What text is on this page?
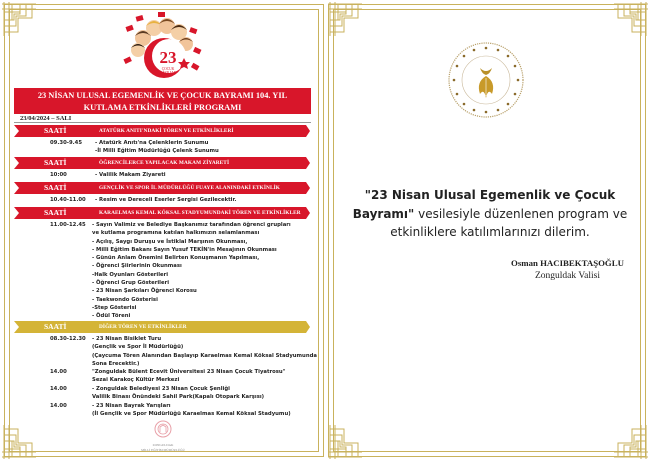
23
ÇOCUK
BAYRAMI
23 NİSAN ULUSAL EGEMENLİK VE ÇOCUK BAYRAMI 104. YIL
KUTLAMA ETKİNLİKLERİ PROGRAMI
23/04/2024 – SALI
SAATİ	ATATÜRK ANITI'NDAKİ TÖREN VE ETKİNLİKLERİ
09.30-9.45	- Atatürk Anıtı'na Çelenklerin Sunumu
-İl Milli Eğitim Müdürlüğü Çelenk Sunumu
SAATİ	ÖĞRENCİLERCE YAPILACAK MAKAM ZİYARETİ
10:00	- Valilik Makam Ziyareti
SAATİ	GENÇLİK VE SPOR İL MÜDÜRLÜĞÜ FUAYE ALANINDAKİ ETKİNLİK
10.40-11.00	- Resim ve Dereceli Eserler Sergisi Gezilecektir.
SAATİ	KARAELMAS KEMAL KÖKSAL STADYUMUNDAKİ TÖREN VE ETKİNLİKLER
11.00-12.45	- Sayın Valimiz ve Belediye Başkanımız tarafından öğrenci grupları
ve kutlama programına katılan halkımızın selamlanması
- Açılış, Saygı Duruşu ve İstiklal Marşının Okunması,
- Milli Eğitim Bakanı Sayın Yusuf TEKİN'in Mesajının Okunması
- Günün Anlam Önemini Belirten Konuşmanın Yapılması,
- Öğrenci Şiirlerinin Okunması
-Halk Oyunları Gösterileri
- Öğrenci Grup Gösterileri
- 23 Nisan Şarkıları Öğrenci Korosu
- Taekwondo Gösterisi
-Step Gösterisi
- Ödül Töreni
SAATİ	DİĞER TÖREN VE ETKİNLİKLER
08.30-12.30	- 23 Nisan Bisiklet Turu
(Gençlik ve Spor İl Müdürlüğü)
(Çaycuma Tören Alanından Başlayıp Karaelmas Kemal Köksal Stadyumunda
Sona Erecektir.)
14.00	"Zonguldak Bülent Ecevit Üniversitesi 23 Nisan Çocuk Tiyatrosu"
Sezai Karakoç Kültür Merkezi
14.00	- Zonguldak Belediyesi 23 Nisan Çocuk Şenliği
Valilik Binası Önündeki Sahil Park(Kapalı Otopark Karşısı)
14.00	- 23 Nisan Bayrak Yarışları
(İl Gençlik ve Spor Müdürlüğü Karaelmas Kemal Köksal Stadyumu)
ZONGULDAK
MİLLİ EĞİTİM MÜDÜRLÜĞÜ
"23 Nisan Ulusal Egemenlik ve Çocuk Bayramı" vesilesiyle düzenlenen program ve etkinliklere katılımlarınızı dilerim.
Osman HACIBEKTAŞOĞLU
Zonguldak Valisi
